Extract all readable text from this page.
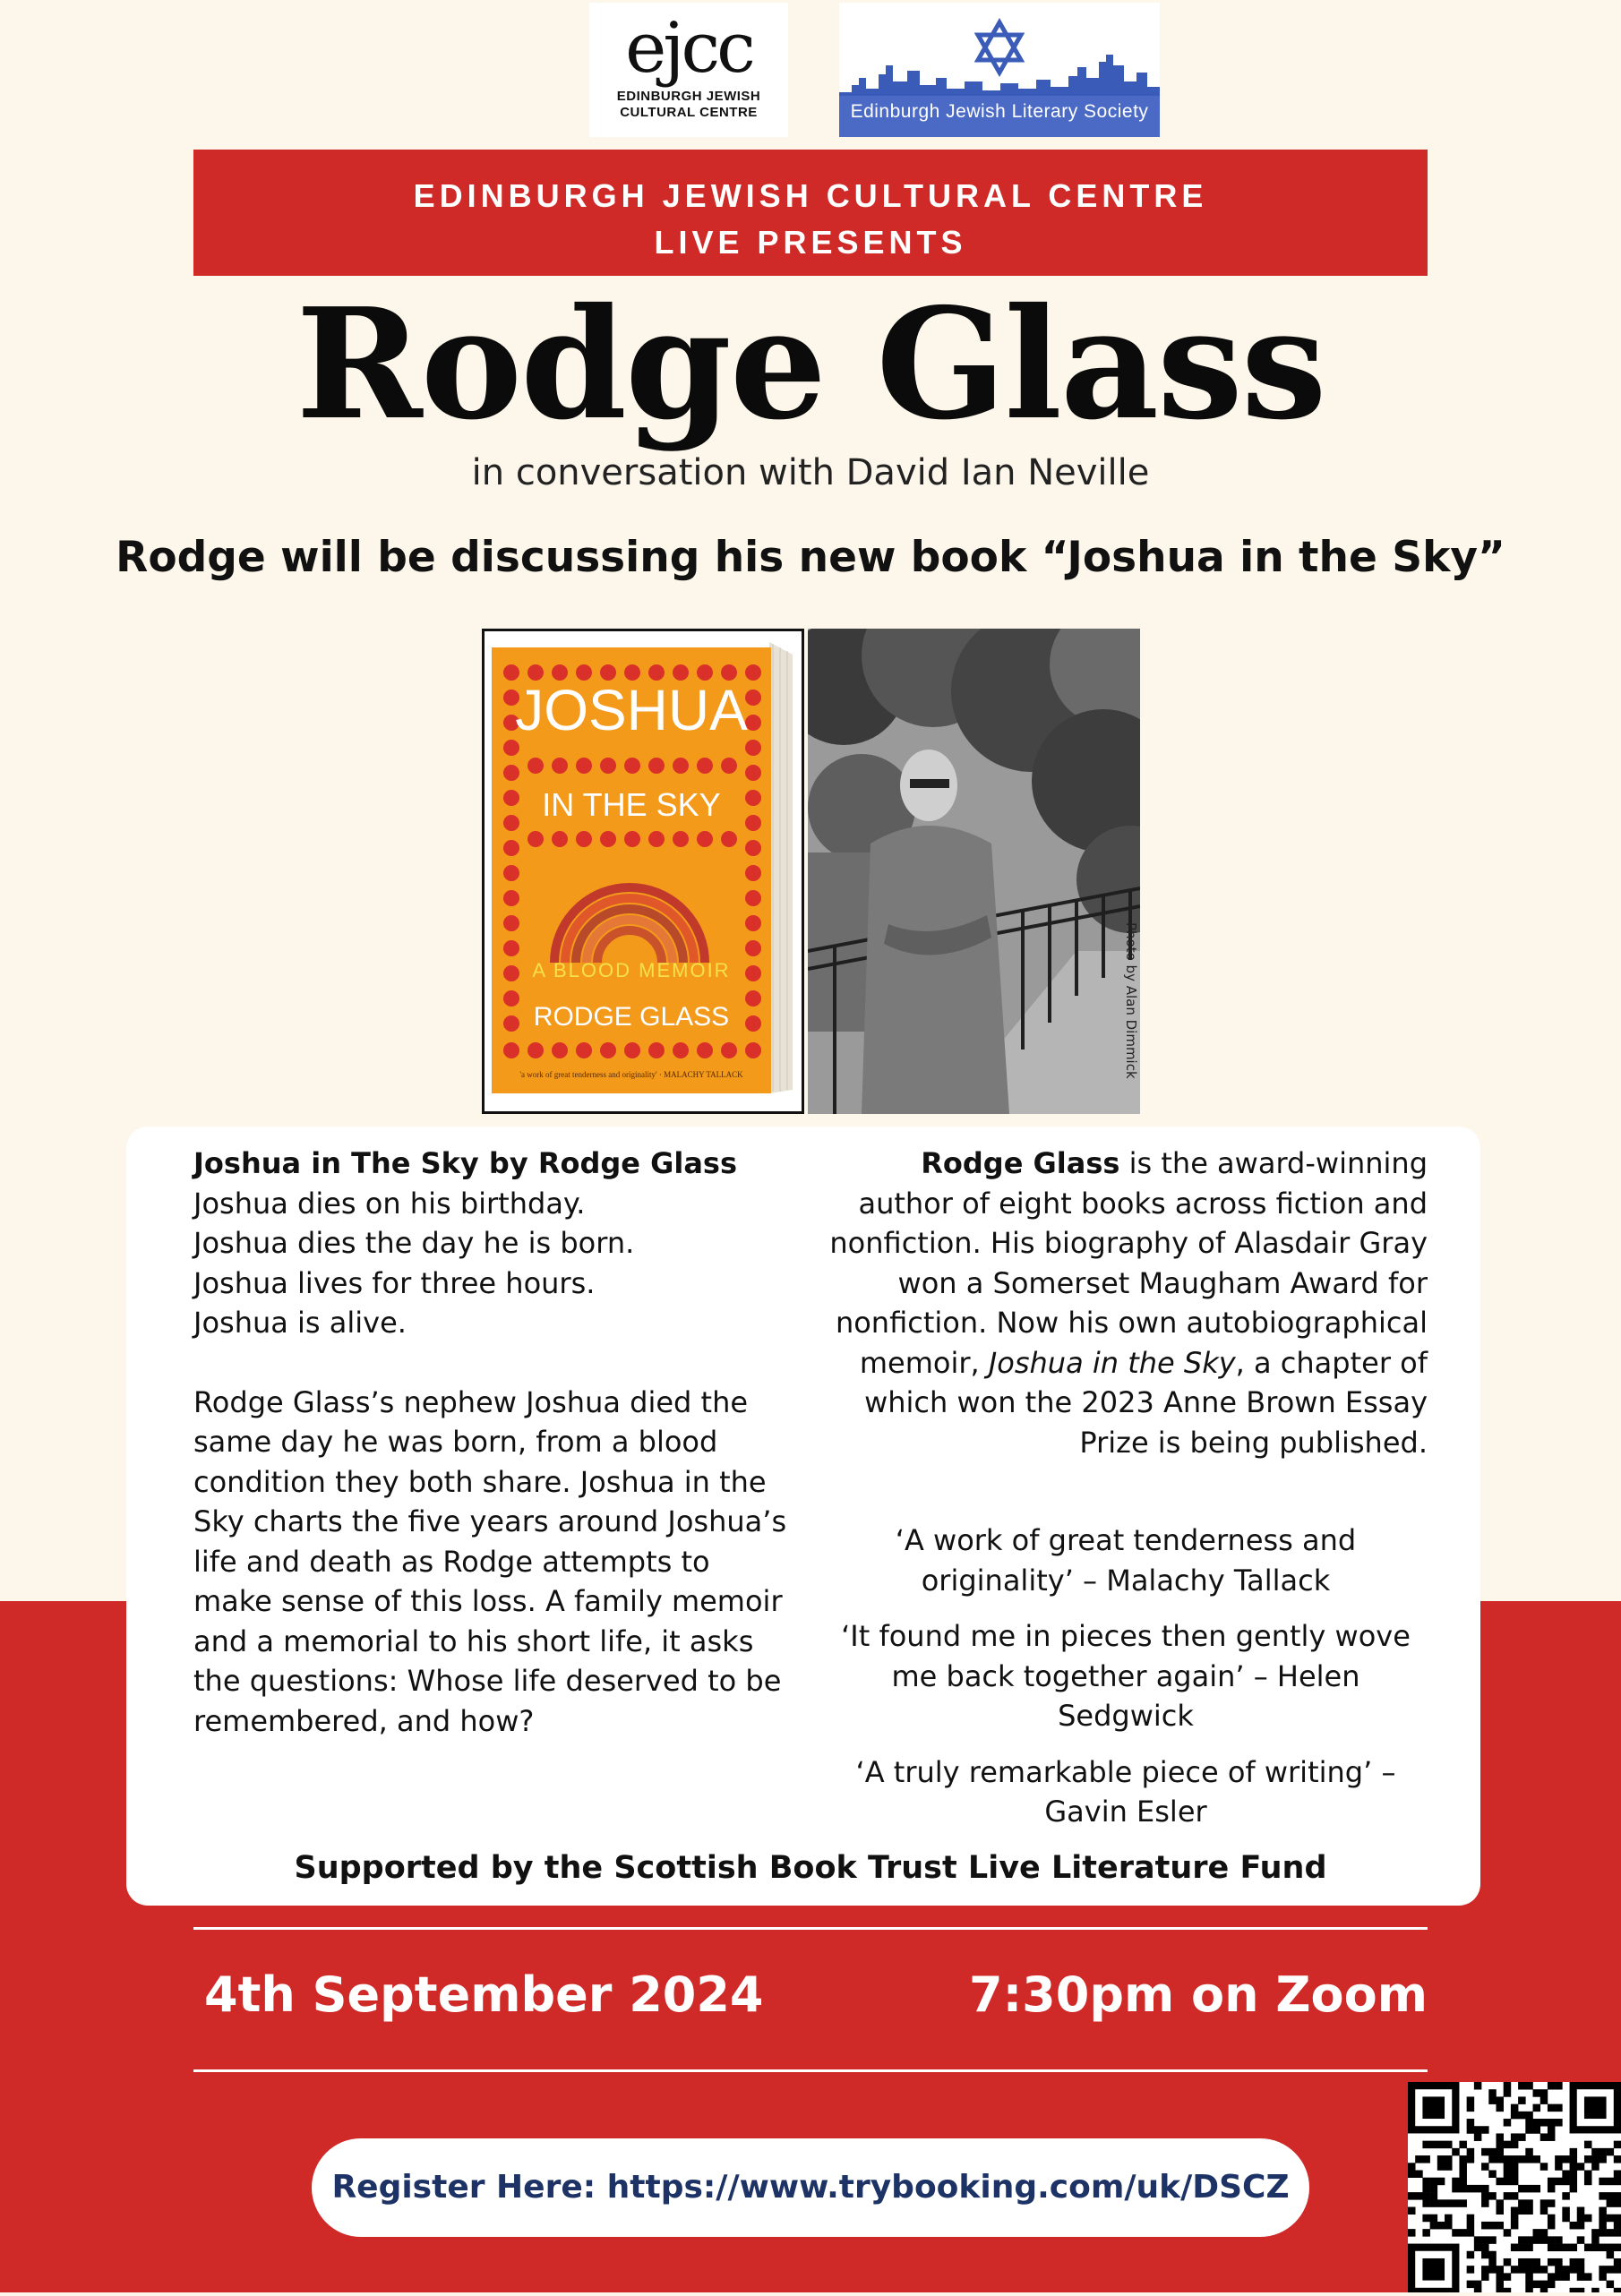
ejcc
EDINBURGH JEWISH
CULTURAL CENTRE	Edinburgh Jewish Literary Society
EDINBURGH JEWISH CULTURAL CENTRE LIVE PRESENTS
Rodge Glass
in conversation with David Ian Neville
Rodge will be discussing his new book “Joshua in the Sky”
JOSHUA
IN THE SKY
A BLOOD MEMOIR
RODGE GLASS
'a work of great tenderness and originality' · MALACHY TALLACK	Photo by Alan Dimmick

Joshua in The Sky by Rodge Glass

Joshua dies on his birthday.

Joshua dies the day he is born.

Joshua lives for three hours.

Joshua is alive.

Rodge Glass’s nephew Joshua died the same day he was born, from a blood condition they both share. Joshua in the Sky charts the five years around Joshua’s life and death as Rodge attempts to make sense of this loss. A family memoir and a memorial to his short life, it asks the questions: Whose life deserved to be remembered, and how?

Rodge Glass is the award-winning author of eight books across fiction and nonfiction. His biography of Alasdair Gray won a Somerset Maugham Award for nonfiction. Now his own autobiographical memoir, Joshua in the Sky, a chapter of which won the 2023 Anne Brown Essay Prize is being published.

‘A work of great tenderness and originality’ – Malachy Tallack

‘It found me in pieces then gently wove me back together again’ – Helen Sedgwick

‘A truly remarkable piece of writing’ – Gavin Esler

Supported by the Scottish Book Trust Live Literature Fund
4th September 2024	7:30pm on Zoom
Register Here: https://www.trybooking.com/uk/DSCZ
